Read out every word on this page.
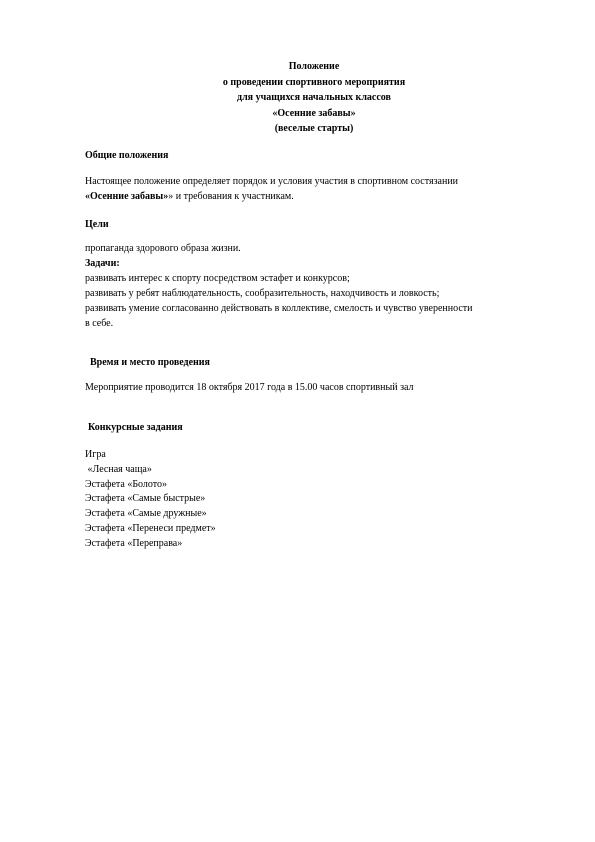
Положение
о проведении спортивного мероприятия
для учащихся начальных классов
«Осенние забавы»
(веселые старты)
Общие положения
Настоящее положение определяет порядок и условия участия в спортивном состязании
«Осенние забавы»» и требования к участникам.
Цели
пропаганда здорового образа жизни.
Задачи:
развивать интерес к спорту посредством эстафет и конкурсов;
развивать у ребят наблюдательность, сообразительность, находчивость и ловкость;
развивать умение согласованно действовать в коллективе, смелость и чувство уверенности
в себе.
Время и место проведения
Мероприятие проводится 18 октября 2017 года в 15.00 часов спортивный зал
Конкурсные задания
Игра
«Лесная чаща»
Эстафета «Болото»
Эстафета «Самые быстрые»
Эстафета «Самые дружные»
Эстафета «Перенеси предмет»
Эстафета «Переправа»
